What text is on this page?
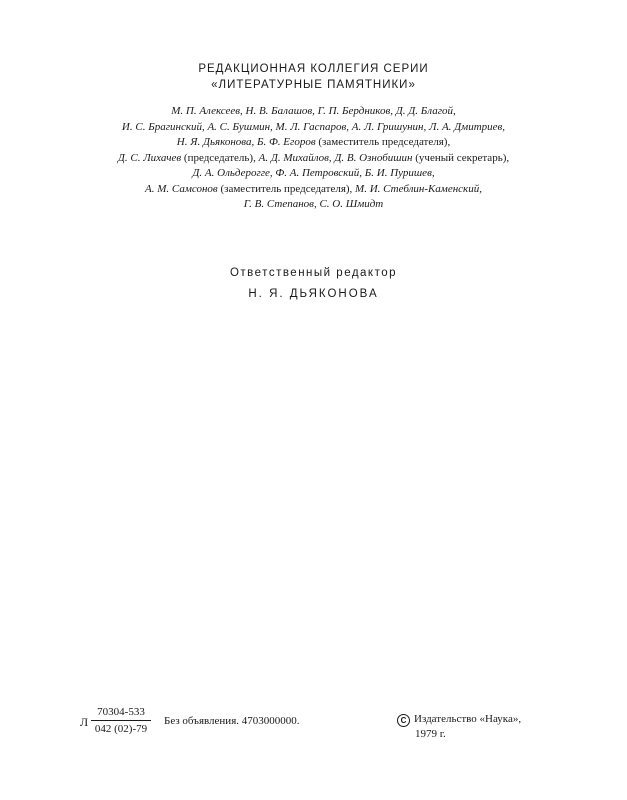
РЕДАКЦИОННАЯ КОЛЛЕГИЯ СЕРИИ
«ЛИТЕРАТУРНЫЕ ПАМЯТНИКИ»
М. П. Алексеев, Н. В. Балашов, Г. П. Бердников, Д. Д. Благой,
И. С. Брагинский, А. С. Бушмин, М. Л. Гаспаров, А. Л. Гришунин, Л. А. Дмитриев,
Н. Я. Дьяконова, Б. Ф. Егоров (заместитель председателя),
Д. С. Лихачев (председатель), А. Д. Михайлов, Д. В. Ознобишин (ученый секретарь),
Д. А. Ольдерогге, Ф. А. Петровский, Б. И. Пуришев,
А. М. Самсонов (заместитель председателя), М. И. Стеблин-Каменский,
Г. В. Степанов, С. О. Шмидт
Ответственный редактор
Н. Я. ДЬЯКОНОВА
Л
70304-533
042 (02)-79
Без объявления. 4703000000.	C Издательство «Наука»,
1979 г.
